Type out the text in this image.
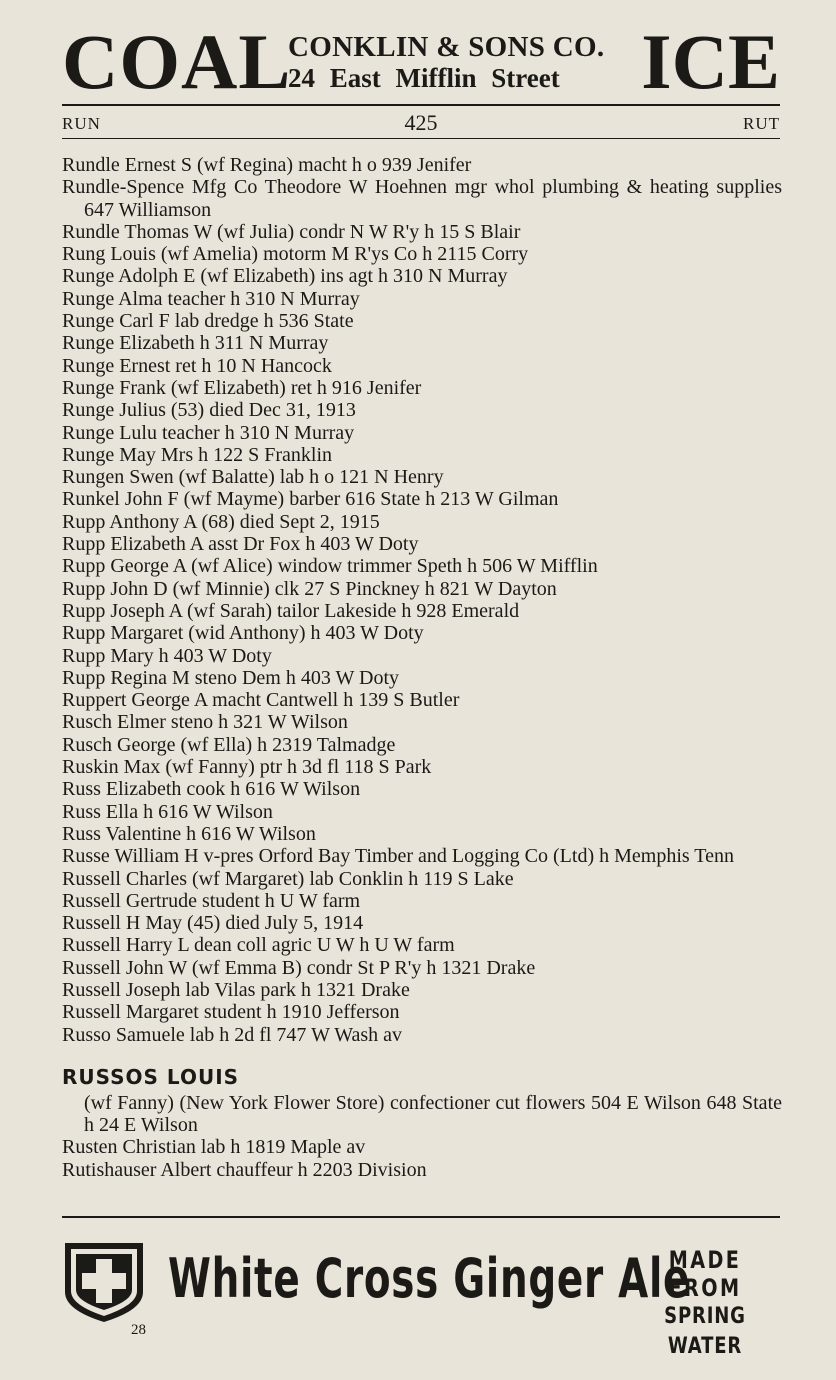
COAL
CONKLIN & SONS CO.
24 East Mifflin Street	ICE
RUN	425	RUT
Rundle Ernest S (wf Regina) macht h o 939 Jenifer
Rundle-Spence Mfg Co Theodore W Hoehnen mgr whol plumbing & heating supplies 647 Williamson
Rundle Thomas W (wf Julia) condr N W R'y h 15 S Blair
Rung Louis (wf Amelia) motorm M R'ys Co h 2115 Corry
Runge Adolph E (wf Elizabeth) ins agt h 310 N Murray
Runge Alma teacher h 310 N Murray
Runge Carl F lab dredge h 536 State
Runge Elizabeth h 311 N Murray
Runge Ernest ret h 10 N Hancock
Runge Frank (wf Elizabeth) ret h 916 Jenifer
Runge Julius (53) died Dec 31, 1913
Runge Lulu teacher h 310 N Murray
Runge May Mrs h 122 S Franklin
Rungen Swen (wf Balatte) lab h o 121 N Henry
Runkel John F (wf Mayme) barber 616 State h 213 W Gilman
Rupp Anthony A (68) died Sept 2, 1915
Rupp Elizabeth A asst Dr Fox h 403 W Doty
Rupp George A (wf Alice) window trimmer Speth h 506 W Mifflin
Rupp John D (wf Minnie) clk 27 S Pinckney h 821 W Dayton
Rupp Joseph A (wf Sarah) tailor Lakeside h 928 Emerald
Rupp Margaret (wid Anthony) h 403 W Doty
Rupp Mary h 403 W Doty
Rupp Regina M steno Dem h 403 W Doty
Ruppert George A macht Cantwell h 139 S Butler
Rusch Elmer steno h 321 W Wilson
Rusch George (wf Ella) h 2319 Talmadge
Ruskin Max (wf Fanny) ptr h 3d fl 118 S Park
Russ Elizabeth cook h 616 W Wilson
Russ Ella h 616 W Wilson
Russ Valentine h 616 W Wilson
Russe William H v-pres Orford Bay Timber and Logging Co (Ltd) h Memphis Tenn
Russell Charles (wf Margaret) lab Conklin h 119 S Lake
Russell Gertrude student h U W farm
Russell H May (45) died July 5, 1914
Russell Harry L dean coll agric U W h U W farm
Russell John W (wf Emma B) condr St P R'y h 1321 Drake
Russell Joseph lab Vilas park h 1321 Drake
Russell Margaret student h 1910 Jefferson
Russo Samuele lab h 2d fl 747 W Wash av
RUSSOS LOUIS
(wf Fanny) (New York Flower Store) confectioner cut flowers 504 E Wilson 648 State h 24 E Wilson
Rusten Christian lab h 1819 Maple av
Rutishauser Albert chauffeur h 2203 Division
White Cross Ginger Ale
MADE FROM
SPRING WATER
28
